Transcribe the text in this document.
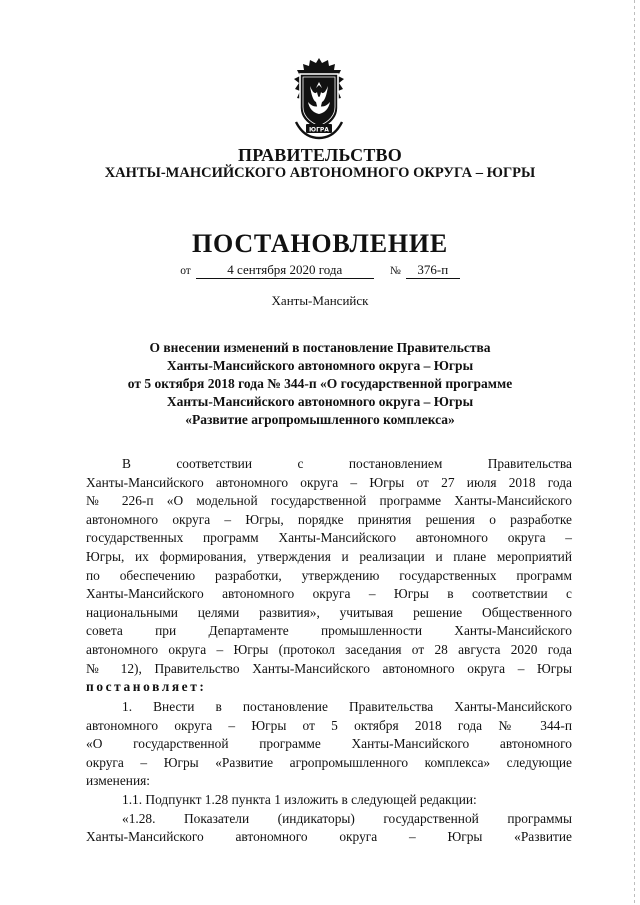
ЮГРА
ПРАВИТЕЛЬСТВО
ХАНТЫ-МАНСИЙСКОГО АВТОНОМНОГО ОКРУГА – ЮГРЫ
ПОСТАНОВЛЕНИЕ
от	4 сентября 2020 года	№ 376-п
Ханты-Мансийск
О внесении изменений в постановление Правительства
Ханты-Мансийского автономного округа – Югры
от 5 октября 2018 года № 344-п «О государственной программе
Ханты-Мансийского автономного округа – Югры
«Развитие агропромышленного комплекса»
В соответствии с постановлением Правительства
Ханты-Мансийского автономного округа – Югры от 27 июля 2018 года
№ 226-п «О модельной государственной программе Ханты-Мансийского
автономного округа – Югры, порядке принятия решения о разработке
государственных программ Ханты-Мансийского автономного округа –
Югры, их формирования, утверждения и реализации и плане мероприятий
по обеспечению разработки, утверждению государственных программ
Ханты-Мансийского автономного округа – Югры в соответствии с
национальными целями развития», учитывая решение Общественного
совета при Департаменте промышленности Ханты-Мансийского
автономного округа – Югры (протокол заседания от 28 августа 2020 года
№ 12), Правительство Ханты-Мансийского автономного округа – Югры
постановляет:
1. Внести в постановление Правительства Ханты-Мансийского
автономного округа – Югры от 5 октября 2018 года № 344-п
«О государственной программе Ханты-Мансийского автономного
округа – Югры «Развитие агропромышленного комплекса» следующие
изменения:
1.1. Подпункт 1.28 пункта 1 изложить в следующей редакции:
«1.28. Показатели (индикаторы) государственной программы
Ханты-Мансийского автономного округа – Югры «Развитие
